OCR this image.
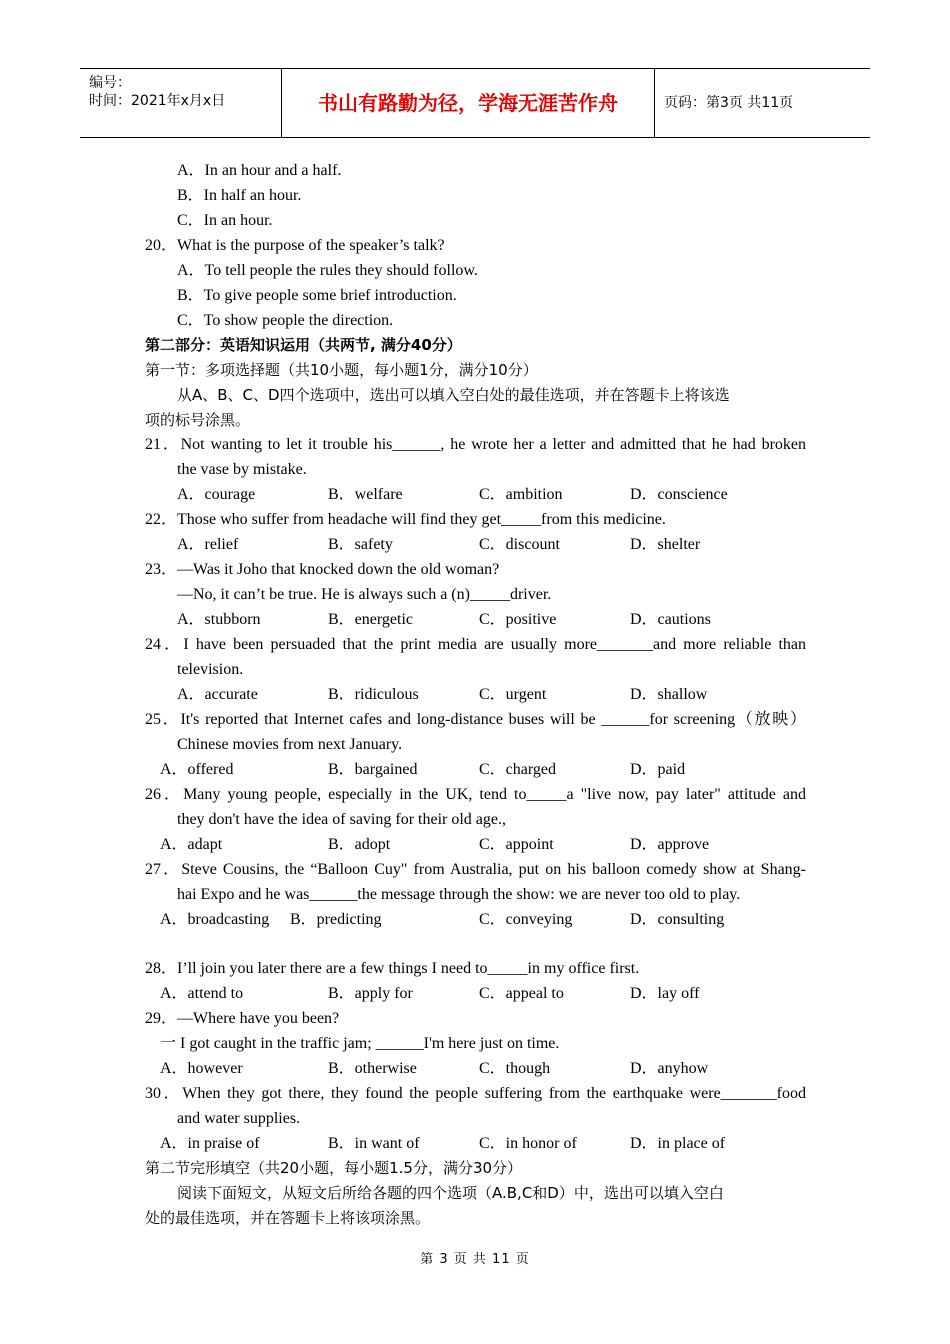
编号：
时间：2021年x月x日	书山有路勤为径，学海无涯苦作舟	页码：第3页 共11页
A．In an hour and a half.
B．In half an hour.
C．In an hour.
20．What is the purpose of the speaker’s talk?
A．To tell people the rules they should follow.
B．To give people some brief introduction.
C．To show people the direction.
第二部分：英语知识运用（共两节, 满分40分）
第一节：多项选择题（共10小题，每小题1分，满分10分）
从A、B、C、D四个选项中，选出可以填入空白处的最佳选项，并在答题卡上将该选
项的标号涂黑。
21．Not wanting to let it trouble his______, he wrote her a letter and admitted that he had broken
the vase by mistake.
A．courage	B．welfare	C．ambition	D．conscience
22．Those who suffer from headache will find they get_____from this medicine.
A．relief	B．safety	C．discount	D．shelter
23．—Was it Joho that knocked down the old woman?
—No, it can’t be true. He is always such a (n)_____driver.
A．stubborn	B．energetic	C．positive	D．cautions
24．I have been persuaded that the print media are usually more_______and more reliable than
television.
A．accurate	B．ridiculous	C．urgent	D．shallow
25．It's reported that Internet cafes and long-distance buses will be ______for screening（放映）
Chinese movies from next January.
A．offered	B．bargained	C．charged	D．paid
26．Many young people, especially in the UK, tend to_____a "live now, pay later" attitude and
they don't have the idea of saving for their old age.,
A．adapt	B．adopt	C．appoint	D．approve
27．Steve Cousins, the “Balloon Cuy" from Australia, put on his balloon comedy show at Shang-
hai Expo and he was______the message through the show: we are never too old to play.
A．broadcasting B．predicting	C．conveying	D．consulting
28．I’ll join you later there are a few things I need to_____in my office first.
A．attend to	B．apply for	C．appeal to	D．lay off
29．—Where have you been?
一 I got caught in the traffic jam; ______I'm here just on time.
A．however	B．otherwise	C．though	D．anyhow
30．When they got there, they found the people suffering from the earthquake were_______food
and water supplies.
A．in praise of	B．in want of	C．in honor of	D．in place of
第二节完形填空（共20小题，每小题1.5分，满分30分）
阅读下面短文，从短文后所给各题的四个选项（A.B,C和D）中，选出可以填入空白
处的最佳选项，并在答题卡上将该项涂黑。
第 3 页 共 11 页
